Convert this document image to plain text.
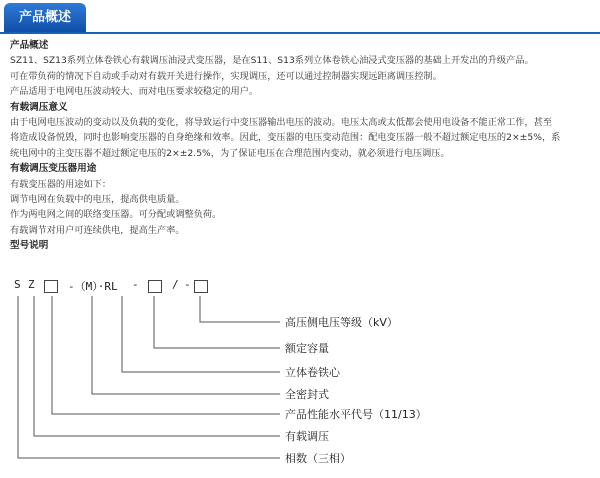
产品概述

产品概述

SZ11、SZ13系列立体卷铁心有载调压油浸式变压器，是在S11、S13系列立体卷铁心油浸式变压器的基础上开发出的升级产品。

可在带负荷的情况下自动或手动对有载开关进行操作，实现调压，还可以通过控制器实现远距离调压控制。

产品适用于电网电压波动较大、而对电压要求较稳定的用户。

有载调压意义

由于电网电压波动的变动以及负载的变化，将导致运行中变压器输出电压的波动。电压太高或太低都会使用电设备不能正常工作，甚至

将造成设备悦毁，同时也影响变压器的自身绝缘和效率。因此，变压器的电压变动范围：配电变压器一般不超过额定电压的2×±5%，系

统电网中的主变压器不超过额定电压的2×±2.5%，为了保证电压在合理范围内变动，就必须进行电压调压。

有载调压变压器用途

有载变压器的用途如下：

调节电网在负载中的电压，提高供电质量。

作为两电网之间的联络变压器。可分配或调整负荷。

有载调节对用户可连续供电，提高生产率。

型号说明

S Z	-（M）·RL -	/ -
高压侧电压等级（kV）
额定容量
立体卷铁心
全密封式
产品性能水平代号（11/13）
有载调压
相数（三相）
